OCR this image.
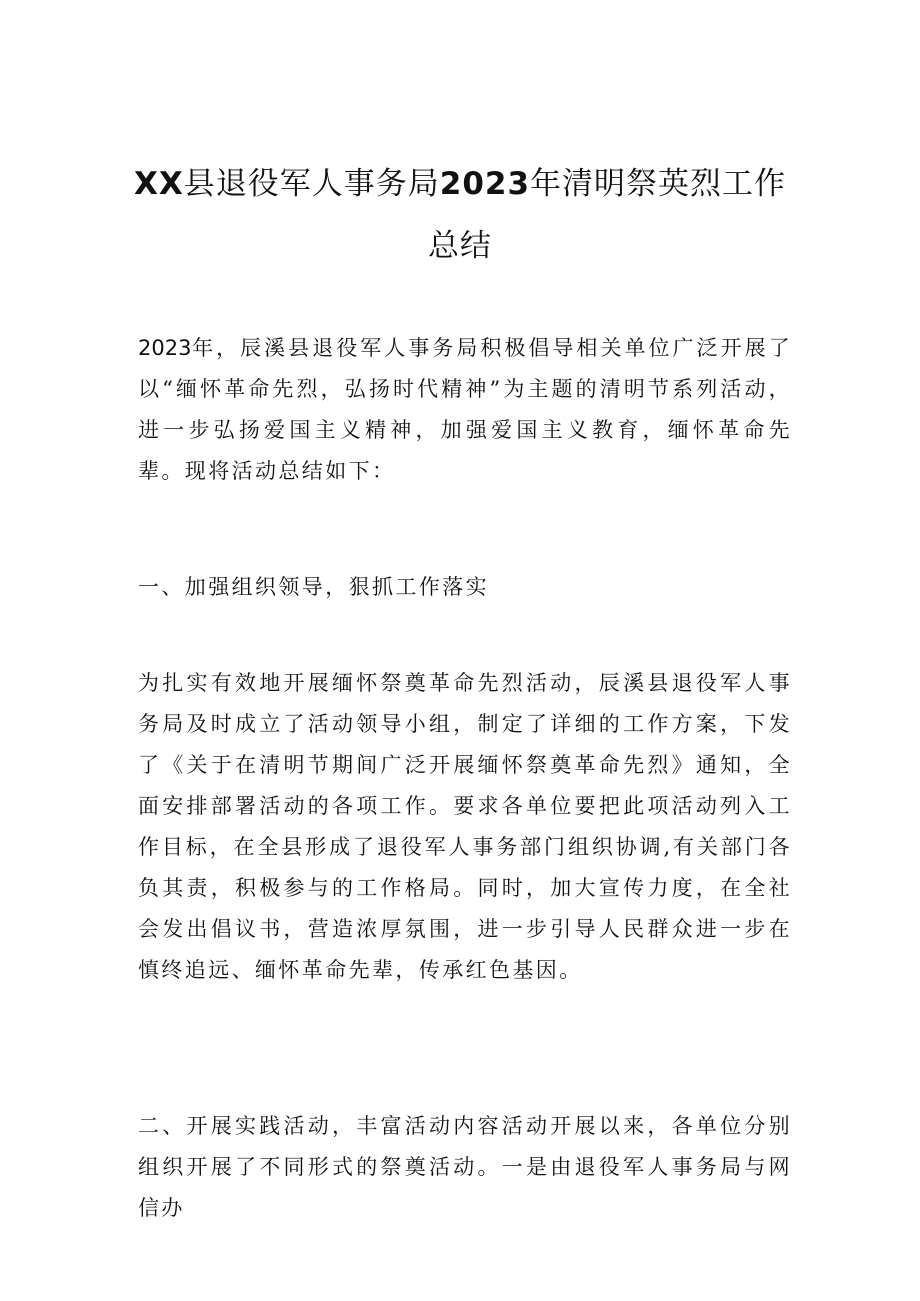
XX县退役军人事务局2023年清明祭英烈工作总结

2023年，辰溪县退役军人事务局积极倡导相关单位广泛开展了以“缅怀革命先烈，弘扬时代精神”为主题的清明节系列活动，进一步弘扬爱国主义精神，加强爱国主义教育，缅怀革命先辈。现将活动总结如下：

一、加强组织领导，狠抓工作落实

为扎实有效地开展缅怀祭奠革命先烈活动，辰溪县退役军人事务局及时成立了活动领导小组，制定了详细的工作方案，下发了《关于在清明节期间广泛开展缅怀祭奠革命先烈》通知，全面安排部署活动的各项工作。要求各单位要把此项活动列入工作目标，在全县形成了退役军人事务部门组织协调,有关部门各负其责，积极参与的工作格局。同时，加大宣传力度，在全社会发出倡议书，营造浓厚氛围，进一步引导人民群众进一步在慎终追远、缅怀革命先辈，传承红色基因。

二、开展实践活动，丰富活动内容活动开展以来，各单位分别组织开展了不同形式的祭奠活动。一是由退役军人事务局与网信办
